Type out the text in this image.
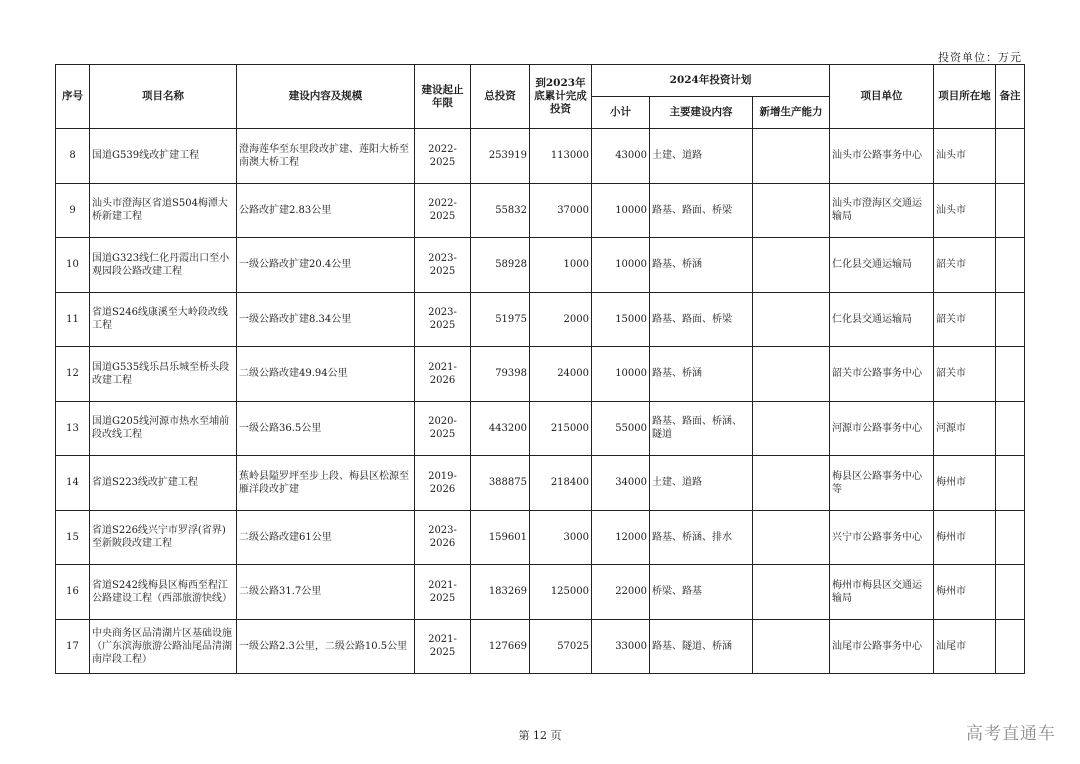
投资单位：万元
序号	项目名称	建设内容及规模	建设起止年限	总投资	到2023年底累计完成投资	2024年投资计划			项目单位	项目所在地	备注
						小计	主要建设内容	新增生产能力			
8	国道G539线改扩建工程	澄海莲华至东里段改扩建、莲阳大桥至南澳大桥工程	2022-2025	253919	113000	43000	土建、道路		汕头市公路事务中心	汕头市	
9	汕头市澄海区省道S504梅潭大桥新建工程	公路改扩建2.83公里	2022-2025	55832	37000	10000	路基、路面、桥梁		汕头市澄海区交通运输局	汕头市	
10	国道G323线仁化丹霞出口至小观园段公路改建工程	一级公路改扩建20.4公里	2023-2025	58928	1000	10000	路基、桥涵		仁化县交通运输局	韶关市	
11	省道S246线康溪至大岭段改线工程	一级公路改扩建8.34公里	2023-2025	51975	2000	15000	路基、路面、桥梁		仁化县交通运输局	韶关市	
12	国道G535线乐昌乐城至桥头段改建工程	二级公路改建49.94公里	2021-2026	79398	24000	10000	路基、桥涵		韶关市公路事务中心	韶关市	
13	国道G205线河源市热水至埔前段改线工程	一级公路36.5公里	2020-2025	443200	215000	55000	路基、路面、桥涵、隧道		河源市公路事务中心	河源市	
14	省道S223线改扩建工程	蕉岭县隘罗坪至步上段、梅县区松源至雁洋段改扩建	2019-2026	388875	218400	34000	土建、道路		梅县区公路事务中心等	梅州市	
15	省道S226线兴宁市罗浮(省界)至新陂段改建工程	二级公路改建61公里	2023-2026	159601	3000	12000	路基、桥涵、排水		兴宁市公路事务中心	梅州市	
16	省道S242线梅县区梅西至程江公路建设工程（西部旅游快线）	二级公路31.7公里	2021-2025	183269	125000	22000	桥梁、路基		梅州市梅县区交通运输局	梅州市	
17	中央商务区品清湖片区基础设施（广东滨海旅游公路汕尾品清湖南岸段工程）	一级公路2.3公里，二级公路10.5公里	2021-2025	127669	57025	33000	路基、隧道、桥涵		汕尾市公路事务中心	汕尾市	
第 12 页	高考直通车
